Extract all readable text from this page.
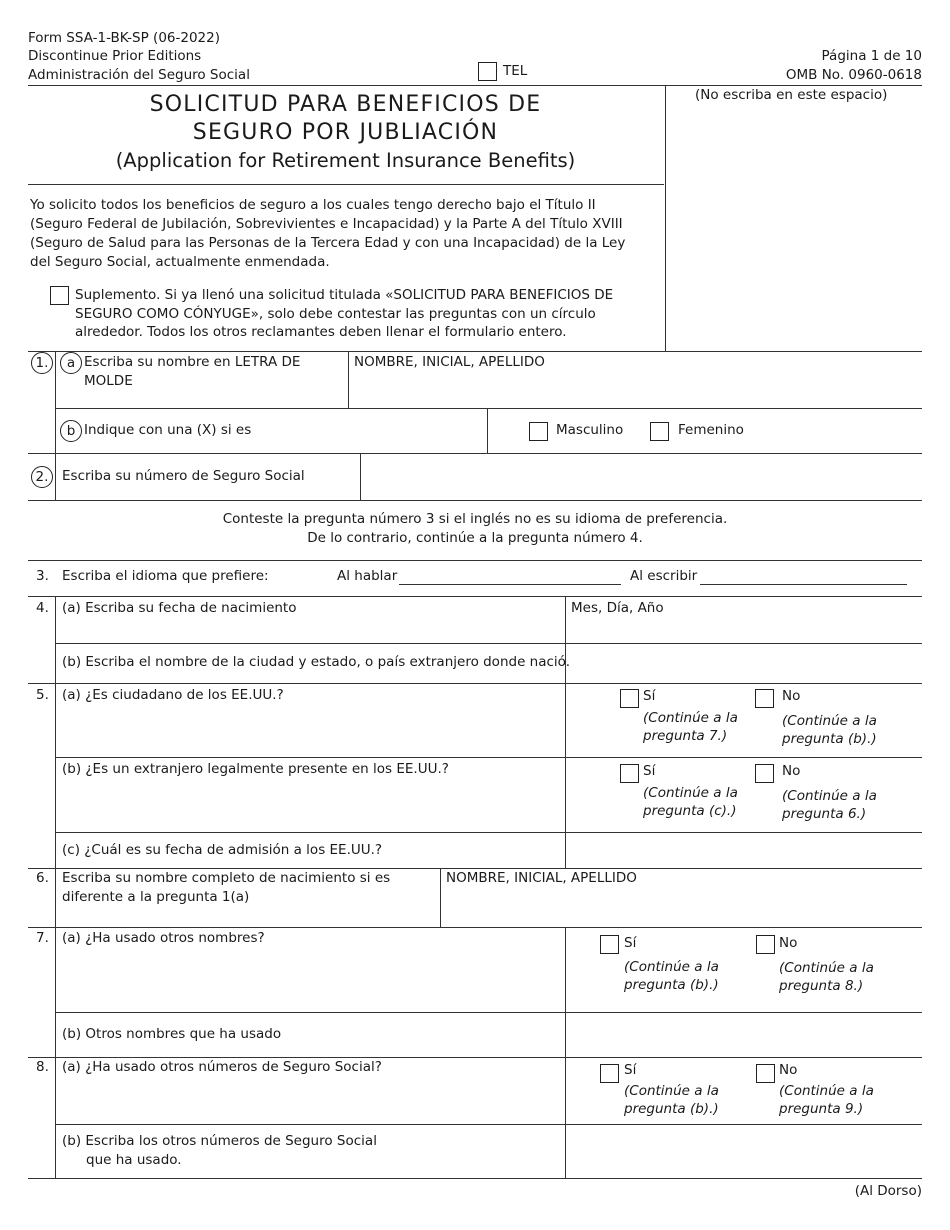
Form SSA-1-BK-SP (06-2022)
Discontinue Prior Editions
Administración del Seguro Social	TEL
Página 1 de 10
OMB No. 0960-0618
(No escriba en este espacio)
SOLICITUD PARA BENEFICIOS DE
SEGURO POR JUBLIACIÓN
(Application for Retirement Insurance Benefits)
Yo solicito todos los beneficios de seguro a los cuales tengo derecho bajo el Título II
(Seguro Federal de Jubilación, Sobrevivientes e Incapacidad) y la Parte A del Título XVIII
(Seguro de Salud para las Personas de la Tercera Edad y con una Incapacidad) de la Ley
del Seguro Social, actualmente enmendada.
Suplemento. Si ya llenó una solicitud titulada «SOLICITUD PARA BENEFICIOS DE
SEGURO COMO CÓNYUGE», solo debe contestar las preguntas con un círculo
alrededor. Todos los otros reclamantes deben llenar el formulario entero.
1.	a Escriba su nombre en LETRA DE
MOLDE
NOMBRE, INICIAL, APELLIDO
b Indique con una (X) si es	Masculino	Femenino
2.	Escriba su número de Seguro Social
Conteste la pregunta número 3 si el inglés no es su idioma de preferencia.
De lo contrario, continúe a la pregunta número 4.
3. Escriba el idioma que prefiere:	Al hablar	Al escribir
4. (a) Escriba su fecha de nacimiento	Mes, Día, Año
(b) Escriba el nombre de la ciudad y estado, o país extranjero donde nació.
5. (a) ¿Es ciudadano de los EE.UU.?	Sí
(Continúe a la
pregunta 7.)
No
(Continúe a la
pregunta (b).)
(b) ¿Es un extranjero legalmente presente en los EE.UU.?	Sí
(Continúe a la
pregunta (c).)
No
(Continúe a la
pregunta 6.)
(c) ¿Cuál es su fecha de admisión a los EE.UU.?
6. Escriba su nombre completo de nacimiento si es
diferente a la pregunta 1(a)
NOMBRE, INICIAL, APELLIDO
7. (a) ¿Ha usado otros nombres?	Sí
(Continúe a la
pregunta (b).)
No
(Continúe a la
pregunta 8.)
(b) Otros nombres que ha usado
8. (a) ¿Ha usado otros números de Seguro Social?	Sí
(Continúe a la
pregunta (b).)
No
(Continúe a la
pregunta 9.)
(b) Escriba los otros números de Seguro Social
que ha usado.
(Al Dorso)
